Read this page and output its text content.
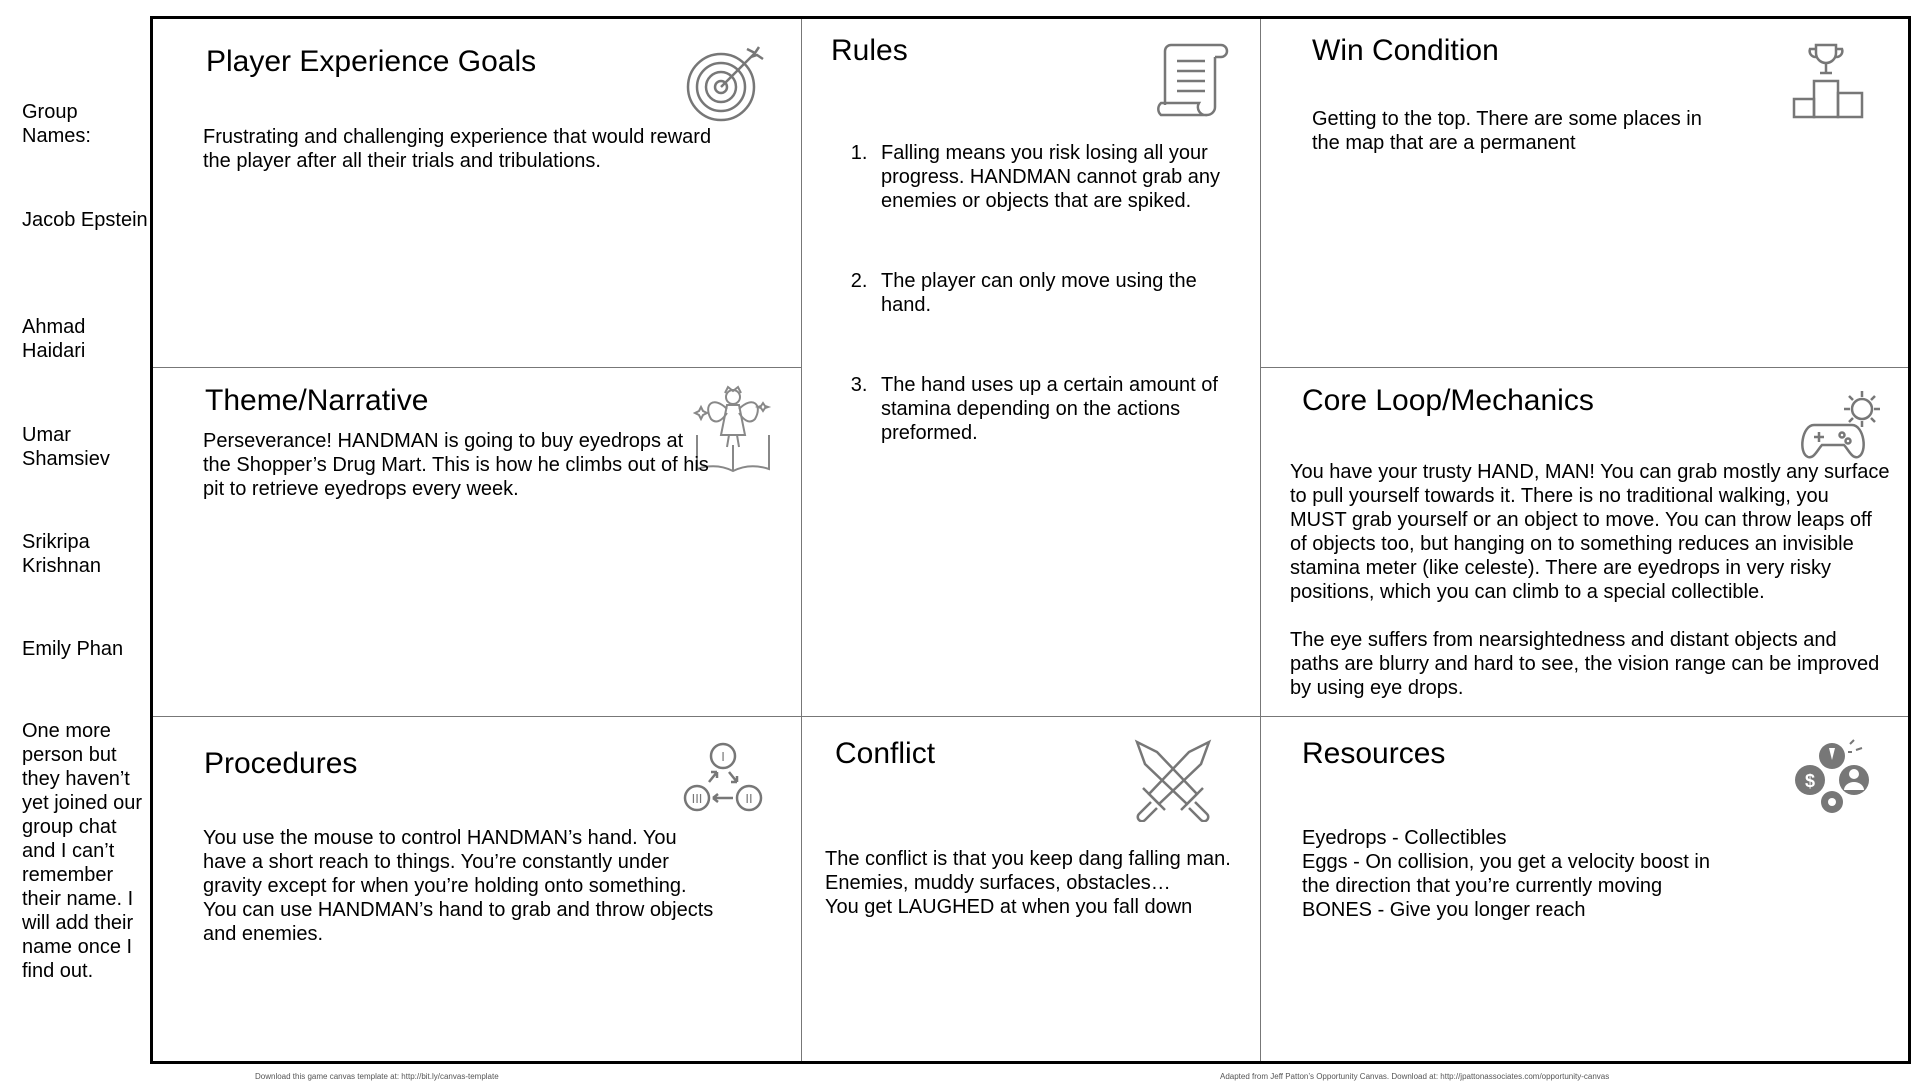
Group Names:
Jacob Epstein
Ahmad Haidari
Umar Shamsiev
Srikripa Krishnan
Emily Phan
One more person but they haven’t yet joined our group chat and I can’t remember their name. I will add their name once I find out.
Player Experience Goals
Frustrating and challenging experience that would reward the player after all their trials and tribulations.
Rules
1. Falling means you risk losing all your progress. HANDMAN cannot grab any enemies or objects that are spiked.
2. The player can only move using the hand.
3. The hand uses up a certain amount of stamina depending on the actions preformed.
Win Condition
Getting to the top. There are some places in the map that are a permanent
Theme/Narrative
Perseverance! HANDMAN is going to buy eyedrops at the Shopper’s Drug Mart. This is how he climbs out of his pit to retrieve eyedrops every week.
Core Loop/Mechanics
You have your trusty HAND, MAN! You can grab mostly any surface to pull yourself towards it. There is no traditional walking, you MUST grab yourself or an object to move. You can throw leaps off of objects too, but hanging on to something reduces an invisible stamina meter (like celeste). There are eyedrops in very risky positions, which you can climb to a special collectible.
The eye suffers from nearsightedness and distant objects and paths are blurry and hard to see, the vision range can be improved by using eye drops.
Procedures	I
II
III
You use the mouse to control HANDMAN’s hand. You have a short reach to things. You’re constantly under gravity except for when you’re holding onto something. You can use HANDMAN’s hand to grab and throw objects and enemies.
Conflict
The conflict is that you keep dang falling man.
Enemies, muddy surfaces, obstacles…
You get LAUGHED at when you fall down
Resources
$
Eyedrops - Collectibles
Eggs - On collision, you get a velocity boost in the direction that you’re currently moving
BONES - Give you longer reach
Download this game canvas template at: http://bit.ly/canvas-template	Adapted from Jeff Patton’s Opportunity Canvas. Download at: http://jpattonassociates.com/opportunity-canvas
